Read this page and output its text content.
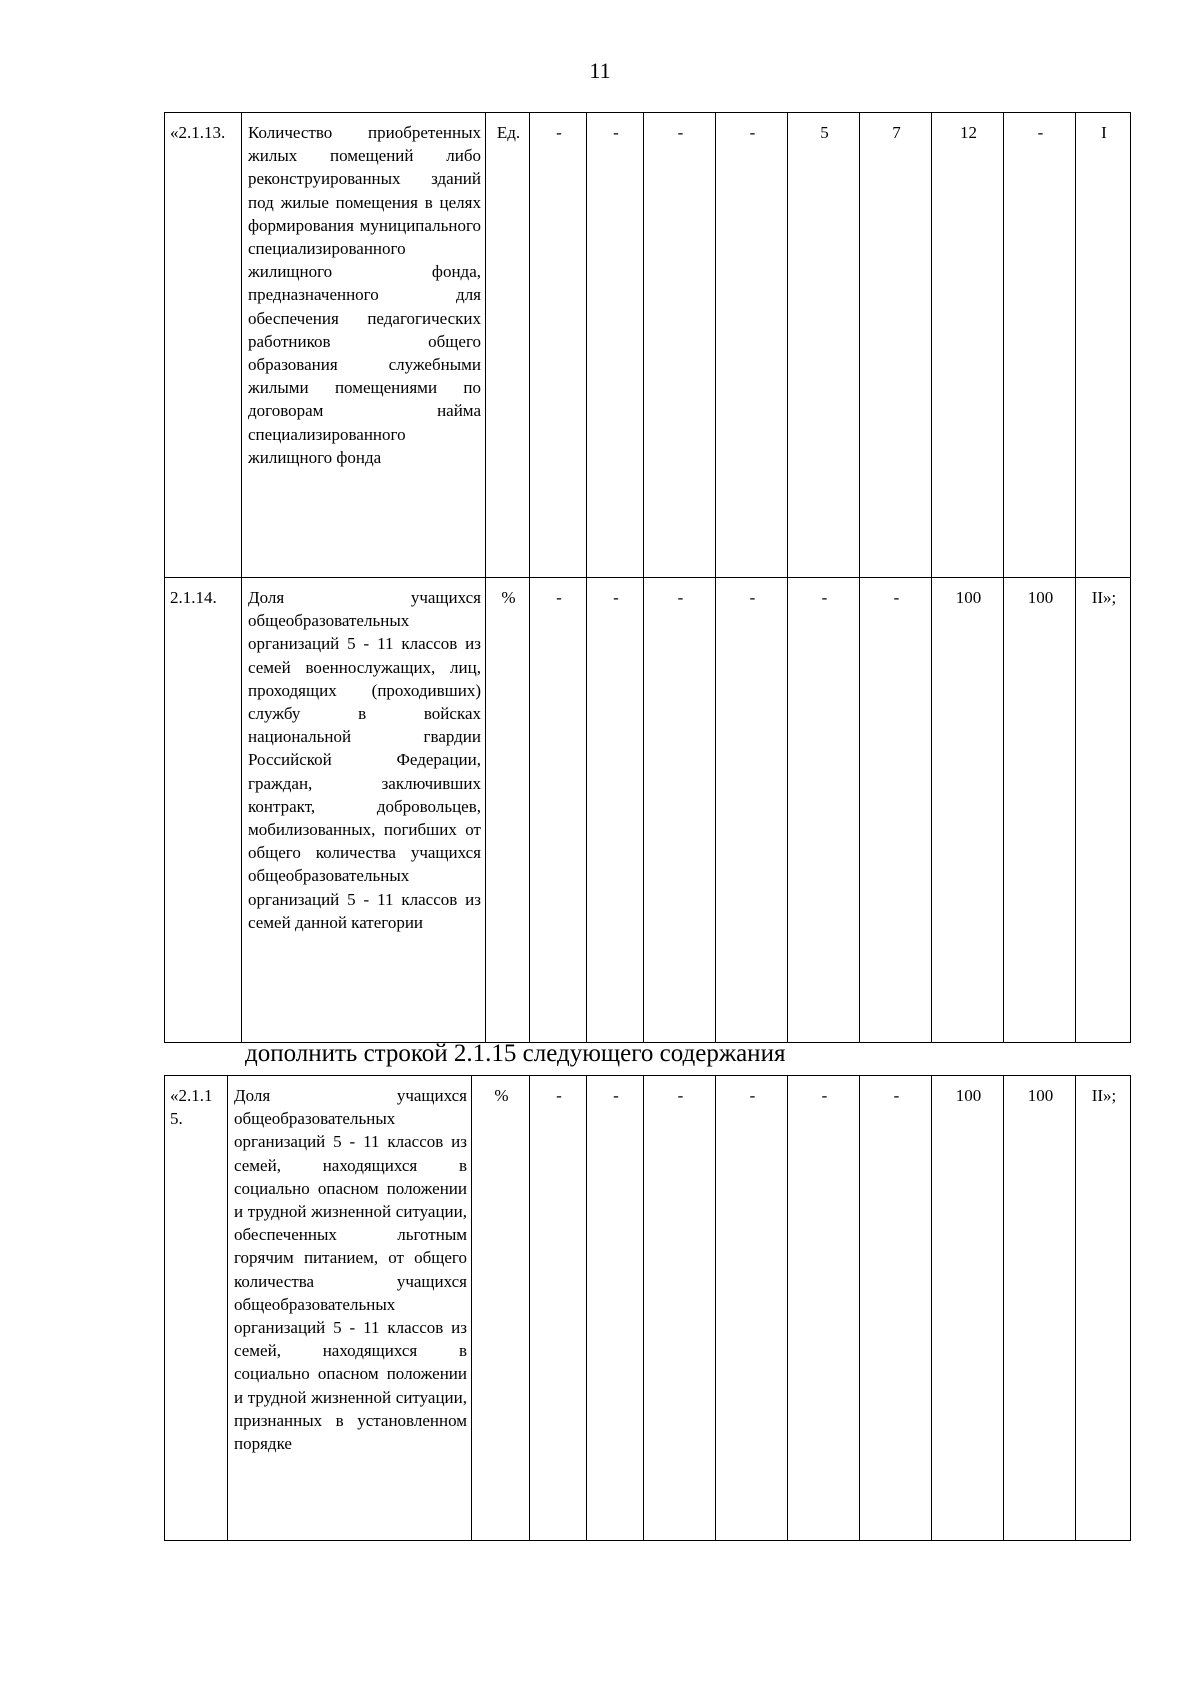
11
«2.1.13.	Количество приобретенных жилых помещений либо реконструированных зданий под жилые помещения в целях формирования муниципального специализированного жилищного фонда, предназначенного для обеспечения педагогических работников общего образования служебными жилыми помещениями по договорам найма специализированного жилищного фонда	Ед.	-	-	-	-	5	7	12	-	I
2.1.14.	Доля учащихся общеобразовательных организаций 5 - 11 классов из семей военнослужащих, лиц, проходящих (проходивших) службу в войсках национальной гвардии Российской Федерации, граждан, заключивших контракт, добровольцев, мобилизованных, погибших от общего количества учащихся общеобразовательных организаций 5 - 11 классов из семей данной категории	%	-	-	-	-	-	-	100	100	II»;
дополнить строкой 2.1.15 следующего содержания
«2.1.1 5.	Доля учащихся общеобразовательных организаций 5 - 11 классов из семей, находящихся в социально опасном положении и трудной жизненной ситуации, обеспеченных льготным горячим питанием, от общего количества учащихся общеобразовательных организаций 5 - 11 классов из семей, находящихся в социально опасном положении и трудной жизненной ситуации, признанных в установленном порядке	%	-	-	-	-	-	-	100	100	II»;
